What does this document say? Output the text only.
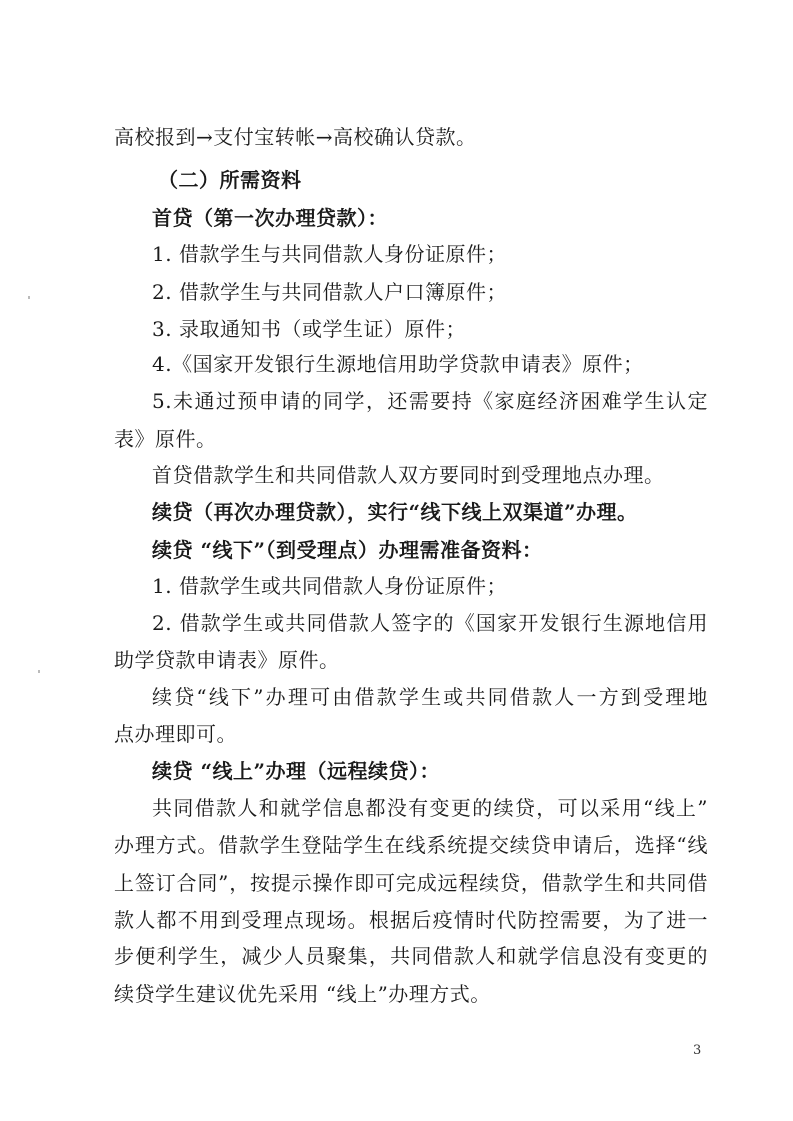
高校报到→支付宝转帐→高校确认贷款。
（二）所需资料
首贷（第一次办理贷款）：
1. 借款学生与共同借款人身份证原件；
2. 借款学生与共同借款人户口簿原件；
3. 录取通知书（或学生证）原件；
4.《国家开发银行生源地信用助学贷款申请表》原件；
5.未通过预申请的同学，还需要持《家庭经济困难学生认定
表》原件。
首贷借款学生和共同借款人双方要同时到受理地点办理。
续贷（再次办理贷款），实行“线下线上双渠道”办理。
续贷 “线下”（到受理点）办理需准备资料：
1. 借款学生或共同借款人身份证原件；
2. 借款学生或共同借款人签字的《国家开发银行生源地信用
助学贷款申请表》原件。
续贷“线下”办理可由借款学生或共同借款人一方到受理地
点办理即可。
续贷 “线上”办理（远程续贷）：
共同借款人和就学信息都没有变更的续贷，可以采用“线上”
办理方式。借款学生登陆学生在线系统提交续贷申请后，选择“线
上签订合同”，按提示操作即可完成远程续贷，借款学生和共同借
款人都不用到受理点现场。根据后疫情时代防控需要，为了进一
步便利学生，减少人员聚集，共同借款人和就学信息没有变更的
续贷学生建议优先采用 “线上”办理方式。
3
